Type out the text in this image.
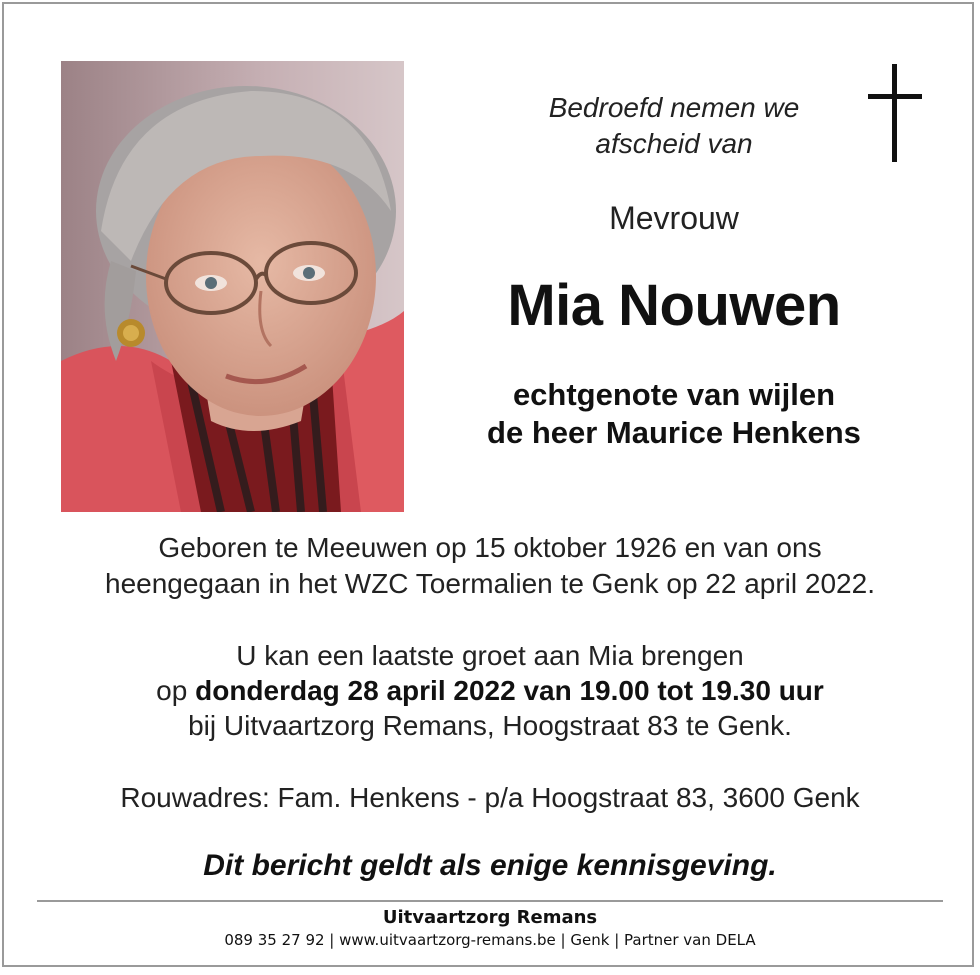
Bedroefd nemen we
afscheid van
Mevrouw
Mia Nouwen
echtgenote van wijlen
de heer Maurice Henkens
Geboren te Meeuwen op 15 oktober 1926 en van ons
heengegaan in het WZC Toermalien te Genk op 22 april 2022.
U kan een laatste groet aan Mia brengen
op donderdag 28 april 2022 van 19.00 tot 19.30 uur
bij Uitvaartzorg Remans, Hoogstraat 83 te Genk.
Rouwadres: Fam. Henkens - p/a Hoogstraat 83, 3600 Genk
Dit bericht geldt als enige kennisgeving.
Uitvaartzorg Remans
089 35 27 92 | www.uitvaartzorg-remans.be | Genk | Partner van DELA
